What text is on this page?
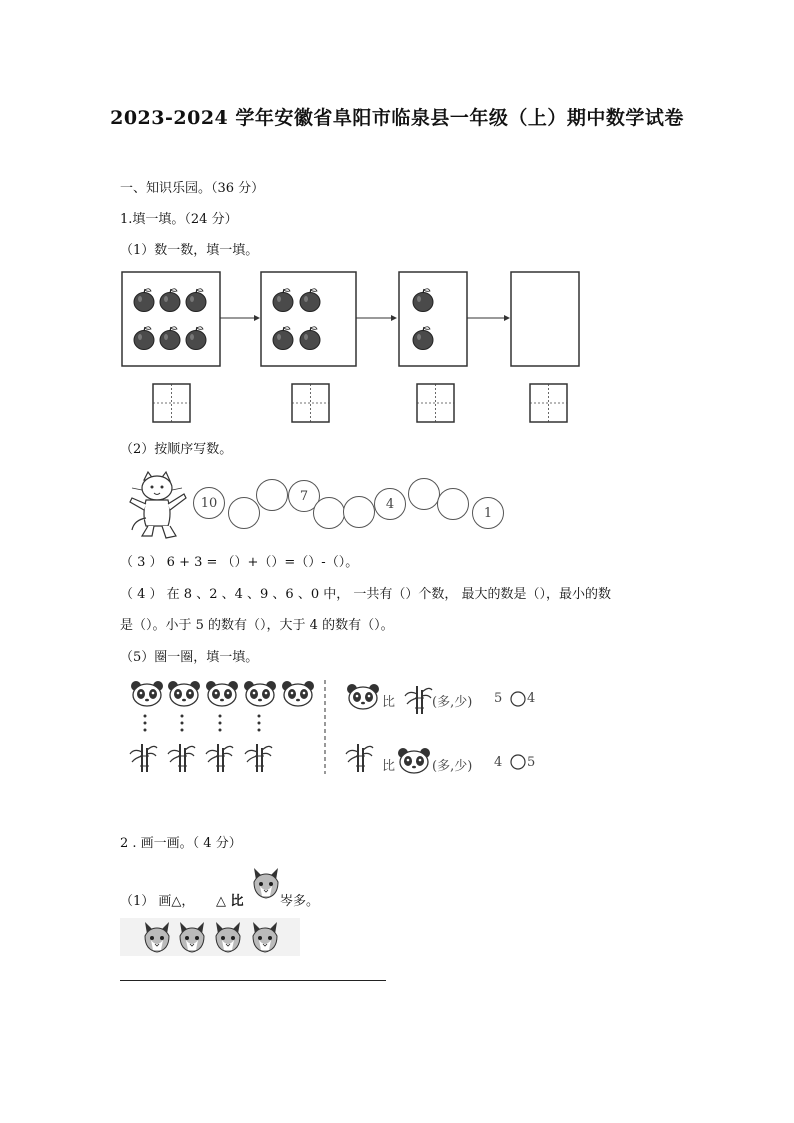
2023-2024 学年安徽省阜阳市临泉县一年级（上）期中数学试卷
一、知识乐园。（36 分）
1.填一填。（24 分）
（1）数一数，填一填。
（2）按顺序写数。
10	7
4
1
（ 3 ） 6 + 3 = （）+（）=（）-（）。
（ 4 ） 在 8 、2 、4 、9 、6 、0 中， 一共有（）个数， 最大的数是（），最小的数
是（）。小于 5 的数有（），大于 4 的数有（）。
（5）圈一圈，填一填。
比	(多,少) 5 4
比	(多,少) 4 5
2 . 画一画。（ 4 分）
（1） 画△， △ 比	岑多。
